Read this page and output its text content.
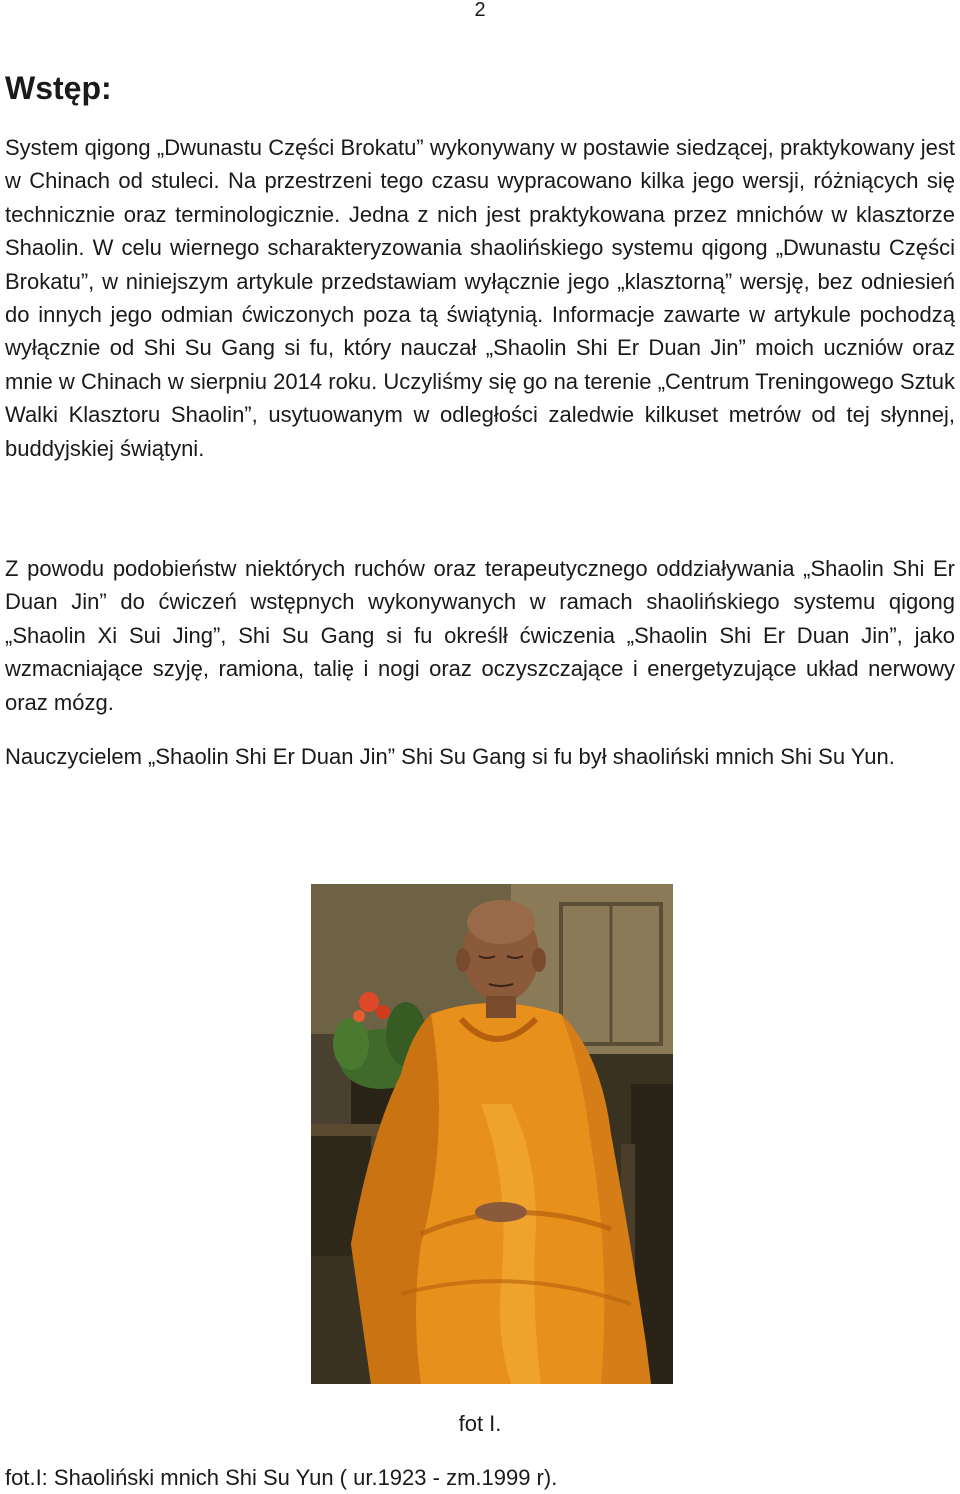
2
Wstęp:

System qigong „Dwunastu Części Brokatu” wykonywany w postawie siedzącej, praktykowany jest w Chinach od stuleci. Na przestrzeni tego czasu wypracowano kilka jego wersji, różniących się technicznie oraz terminologicznie. Jedna z nich jest praktykowana przez mnichów w klasztorze Shaolin. W celu wiernego scharakteryzowania shaolińskiego systemu qigong „Dwunastu Części Brokatu”, w niniejszym artykule przedstawiam wyłącznie jego „klasztorną” wersję, bez odniesień do innych jego odmian ćwiczonych poza tą świątynią. Informacje zawarte w artykule pochodzą wyłącznie od Shi Su Gang si fu, który nauczał „Shaolin Shi Er Duan Jin” moich uczniów oraz mnie w Chinach w sierpniu 2014 roku. Uczyliśmy się go na terenie „Centrum Treningowego Sztuk Walki Klasztoru Shaolin”, usytuowanym w odległości zaledwie kilkuset metrów od tej słynnej, buddyjskiej świątyni.

Z powodu podobieństw niektórych ruchów oraz terapeutycznego oddziaływania „Shaolin Shi Er Duan Jin” do ćwiczeń wstępnych wykonywanych w ramach shaolińskiego systemu qigong „Shaolin Xi Sui Jing”, Shi Su Gang si fu określł ćwiczenia „Shaolin Shi Er Duan Jin”, jako wzmacniające szyję, ramiona, talię i nogi oraz oczyszczające i energetyzujące układ nerwowy oraz mózg.

Nauczycielem „Shaolin Shi Er Duan Jin” Shi Su Gang si fu był shaoliński mnich Shi Su Yun.

fot I.
fot.I: Shaoliński mnich Shi Su Yun ( ur.1923 - zm.1999 r).
